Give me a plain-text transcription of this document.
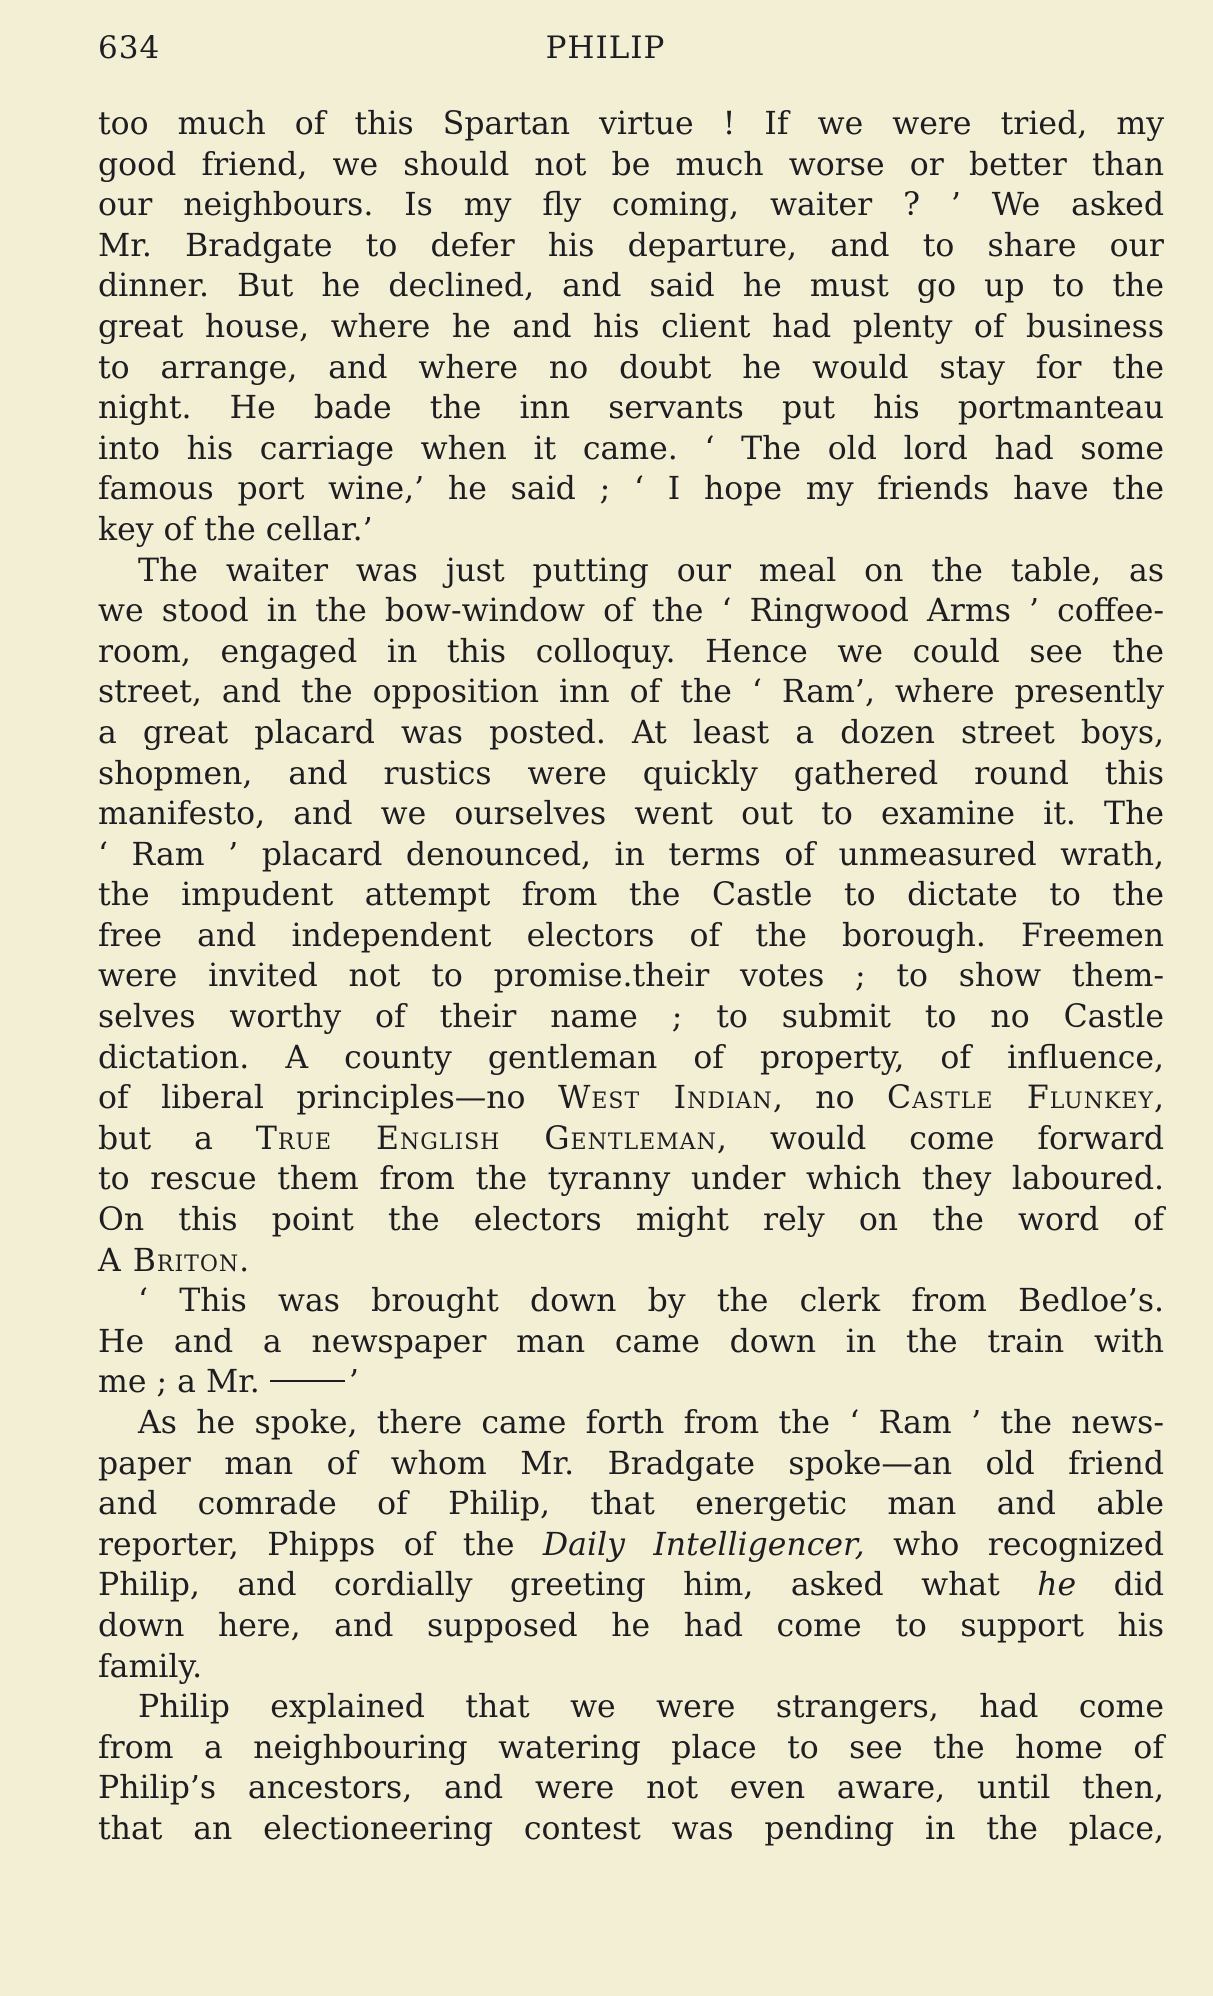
634	PHILIP

too much of this Spartan virtue ! If we were tried, my
good friend, we should not be much worse or better than
our neighbours. Is my fly coming, waiter ? ’ We asked
Mr. Bradgate to defer his departure, and to share our
dinner. But he declined, and said he must go up to the
great house, where he and his client had plenty of business
to arrange, and where no doubt he would stay for the
night. He bade the inn servants put his portmanteau
into his carriage when it came. ‘ The old lord had some
famous port wine,’ he said ; ‘ I hope my friends have the
key of the cellar.’

The waiter was just putting our meal on the table, as
we stood in the bow-window of the ‘ Ringwood Arms ’ coffee-
room, engaged in this colloquy. Hence we could see the
street, and the opposition inn of the ‘ Ram’, where presently
a great placard was posted. At least a dozen street boys,
shopmen, and rustics were quickly gathered round this
manifesto, and we ourselves went out to examine it. The
‘ Ram ’ placard denounced, in terms of unmeasured wrath,
the impudent attempt from the Castle to dictate to the
free and independent electors of the borough. Freemen
were invited not to promise.their votes ; to show them-
selves worthy of their name ; to submit to no Castle
dictation. A county gentleman of property, of influence,
of liberal principles—no West Indian, no Castle Flunkey,
but a True English Gentleman, would come forward
to rescue them from the tyranny under which they laboured.
On this point the electors might rely on the word of
A Briton.

‘ This was brought down by the clerk from Bedloe’s.
He and a newspaper man came down in the train with
me ; a Mr.	’

As he spoke, there came forth from the ‘ Ram ’ the news-
paper man of whom Mr. Bradgate spoke—an old friend
and comrade of Philip, that energetic man and able
reporter, Phipps of the Daily Intelligencer, who recognized
Philip, and cordially greeting him, asked what he did
down here, and supposed he had come to support his
family.

Philip explained that we were strangers, had come
from a neighbouring watering place to see the home of
Philip’s ancestors, and were not even aware, until then,
that an electioneering contest was pending in the place,
